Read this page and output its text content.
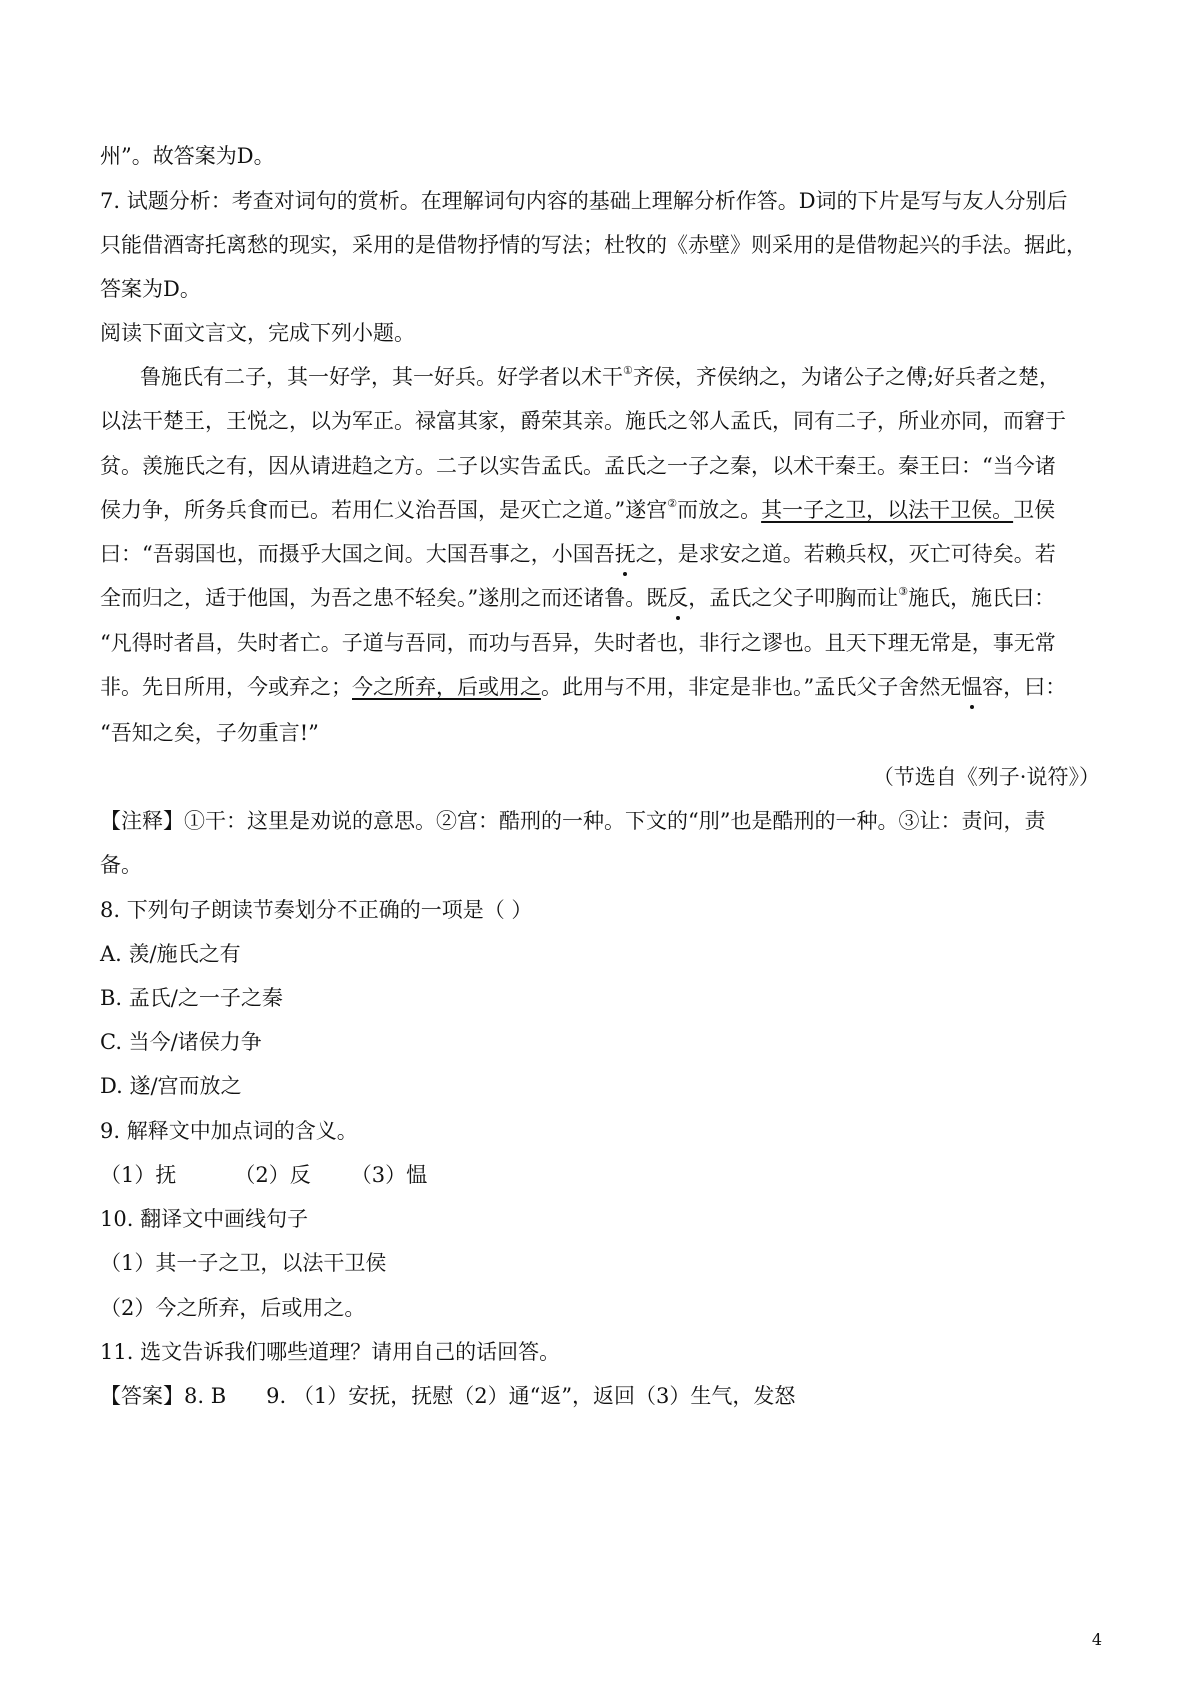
州”。故答案为D。
7. 试题分析：考查对词句的赏析。在理解词句内容的基础上理解分析作答。D词的下片是写与友人分别后
只能借酒寄托离愁的现实，采用的是借物抒情的写法；杜牧的《赤壁》则采用的是借物起兴的手法。据此，
答案为D。
阅读下面文言文，完成下列小题。
鲁施氏有二子，其一好学，其一好兵。好学者以术干①齐侯，齐侯纳之，为诸公子之傅;好兵者之楚，
以法干楚王，王悦之，以为军正。禄富其家，爵荣其亲。施氏之邻人孟氏，同有二子，所业亦同，而窘于
贫。羡施氏之有，因从请进趋之方。二子以实告孟氏。孟氏之一子之秦，以术干秦王。秦王曰：“当今诸
侯力争，所务兵食而已。若用仁义治吾国，是灭亡之道。”遂宫②而放之。其一子之卫，以法干卫侯。卫侯
曰：“吾弱国也，而摄乎大国之间。大国吾事之，小国吾抚之，是求安之道。若赖兵权，灭亡可待矣。若
全而归之，适于他国，为吾之患不轻矣。”遂刖之而还诸鲁。既反，孟氏之父子叩胸而让③施氏，施氏曰：
“凡得时者昌，失时者亡。子道与吾同，而功与吾异，失时者也，非行之谬也。且天下理无常是，事无常
非。先日所用，今或弃之；今之所弃，后或用之。此用与不用，非定是非也。”孟氏父子舍然无愠容，曰：
“吾知之矣，子勿重言!”
（节选自《列子·说符》）
【注释】①干：这里是劝说的意思。②宫：酷刑的一种。下文的“刖”也是酷刑的一种。③让：责问，责
备。
8. 下列句子朗读节奏划分不正确的一项是（ ）
A. 羡/施氏之有
B. 孟氏/之一子之秦
C. 当今/诸侯力争
D. 遂/宫而放之
9. 解释文中加点词的含义。
（1）抚	（2）反 （3）愠
10. 翻译文中画线句子
（1）其一子之卫，以法干卫侯
（2）今之所弃，后或用之。
11. 选文告诉我们哪些道理？请用自己的话回答。
【答案】8. B 9. （1）安抚，抚慰（2）通“返”，返回（3）生气，发怒
4
